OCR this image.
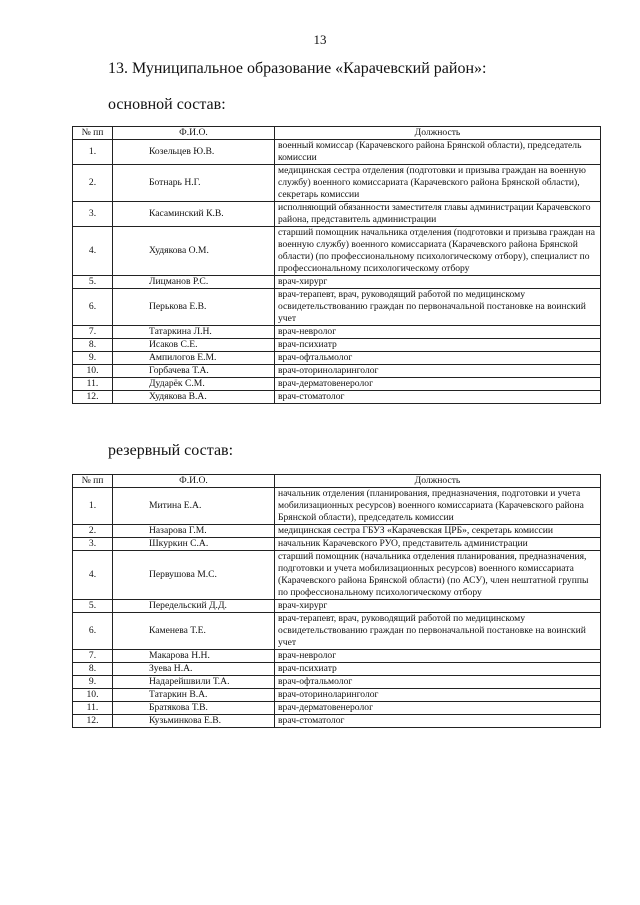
13
13. Муниципальное образование «Карачевский район»:
основной состав:
№ пп	Ф.И.О.	Должность
1.	Козельцев Ю.В.	военный комиссар (Карачевского района Брянской области), председатель комиссии
2.	Ботнарь Н.Г.	медицинская сестра отделения (подготовки и призыва граждан на военную службу) военного комиссариата (Карачевского района Брянской области), секретарь комиссии
3.	Касаминский К.В.	исполняющий обязанности заместителя главы администрации Карачевского района, представитель администрации
4.	Худякова О.М.	старший помощник начальника отделения (подготовки и призыва граждан на военную службу) военного комиссариата (Карачевского района Брянской области) (по профессиональному психологическому отбору), специалист по профессиональному психологическому отбору
5.	Лицманов Р.С.	врач-хирург
6.	Перькова Е.В.	врач-терапевт, врач, руководящий работой по медицинскому освидетельствованию граждан по первоначальной постановке на воинский учет
7.	Татаркина Л.Н.	врач-невролог
8.	Исаков С.Е.	врач-психиатр
9.	Ампилогов Е.М.	врач-офтальмолог
10.	Горбачева Т.А.	врач-оториноларинголог
11.	Дударёк С.М.	врач-дерматовенеролог
12.	Худякова В.А.	врач-стоматолог
резервный состав:
№ пп	Ф.И.О.	Должность
1.	Митина Е.А.	начальник отделения (планирования, предназначения, подготовки и учета мобилизационных ресурсов) военного комиссариата (Карачевского района Брянской области), председатель комиссии
2.	Назарова Г.М.	медицинская сестра ГБУЗ «Карачевская ЦРБ», секретарь комиссии
3.	Шкуркин С.А.	начальник Карачевского РУО, представитель администрации
4.	Первушова М.С.	старший помощник (начальника отделения планирования, предназначения, подготовки и учета мобилизационных ресурсов) военного комиссариата (Карачевского района Брянской области) (по АСУ), член нештатной группы по профессиональному психологическому отбору
5.	Передельский Д.Д.	врач-хирург
6.	Каменева Т.Е.	врач-терапевт, врач, руководящий работой по медицинскому освидетельствованию граждан по первоначальной постановке на воинский учет
7.	Макарова Н.Н.	врач-невролог
8.	Зуева Н.А.	врач-психиатр
9.	Надарейшвили Т.А.	врач-офтальмолог
10.	Татаркин В.А.	врач-оториноларинголог
11.	Братякова Т.В.	врач-дерматовенеролог
12.	Кузьминкова Е.В.	врач-стоматолог
